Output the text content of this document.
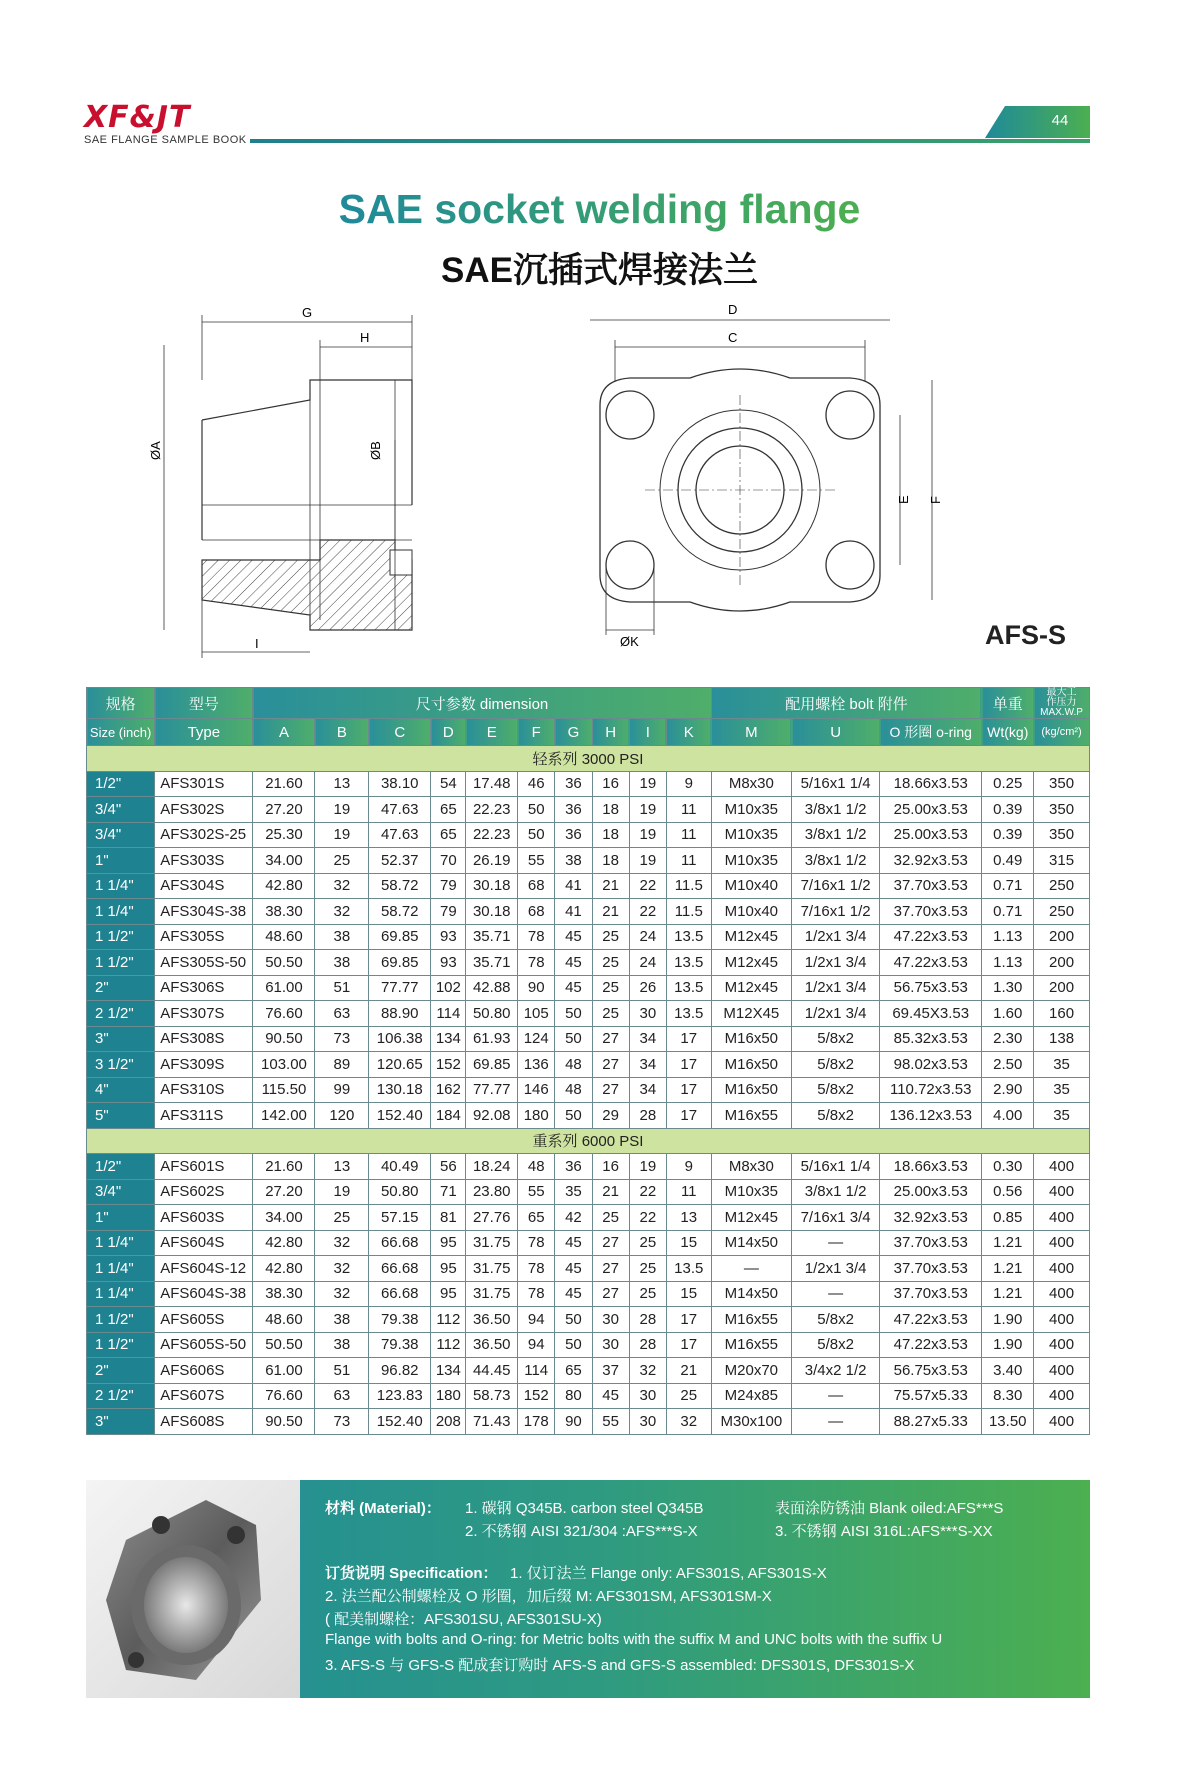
XF&JT
SAE FLANGE SAMPLE BOOK
44
SAE socket welding flange
SAE沉插式焊接法兰
G
H
ØA	ØB
I
D
C
E F
ØK	AFS-S
规格	型号	尺寸参数 dimension										配用螺栓 bolt 附件			单重	最大工
作压力
MAX.W.P

Size (inch)	Type	A	B	C	D	E	F	G	H	I	K	M	U	O 形圈 o-ring	Wt(kg)	(kg/cm²)
轻系列 3000 PSI																
1/2"	AFS301S	21.60	13	38.10	54	17.48	46	36	16	19	9	M8x30	5/16x1 1/4	18.66x3.53	0.25	350
3/4"	AFS302S	27.20	19	47.63	65	22.23	50	36	18	19	11	M10x35	3/8x1 1/2	25.00x3.53	0.39	350
3/4"	AFS302S-25	25.30	19	47.63	65	22.23	50	36	18	19	11	M10x35	3/8x1 1/2	25.00x3.53	0.39	350
1"	AFS303S	34.00	25	52.37	70	26.19	55	38	18	19	11	M10x35	3/8x1 1/2	32.92x3.53	0.49	315
1 1/4"	AFS304S	42.80	32	58.72	79	30.18	68	41	21	22	11.5	M10x40	7/16x1 1/2	37.70x3.53	0.71	250
1 1/4"	AFS304S-38	38.30	32	58.72	79	30.18	68	41	21	22	11.5	M10x40	7/16x1 1/2	37.70x3.53	0.71	250
1 1/2"	AFS305S	48.60	38	69.85	93	35.71	78	45	25	24	13.5	M12x45	1/2x1 3/4	47.22x3.53	1.13	200
1 1/2"	AFS305S-50	50.50	38	69.85	93	35.71	78	45	25	24	13.5	M12x45	1/2x1 3/4	47.22x3.53	1.13	200
2"	AFS306S	61.00	51	77.77	102	42.88	90	45	25	26	13.5	M12x45	1/2x1 3/4	56.75x3.53	1.30	200
2 1/2"	AFS307S	76.60	63	88.90	114	50.80	105	50	25	30	13.5	M12X45	1/2x1 3/4	69.45X3.53	1.60	160
3"	AFS308S	90.50	73	106.38	134	61.93	124	50	27	34	17	M16x50	5/8x2	85.32x3.53	2.30	138
3 1/2"	AFS309S	103.00	89	120.65	152	69.85	136	48	27	34	17	M16x50	5/8x2	98.02x3.53	2.50	35
4"	AFS310S	115.50	99	130.18	162	77.77	146	48	27	34	17	M16x50	5/8x2	110.72x3.53	2.90	35
5"	AFS311S	142.00	120	152.40	184	92.08	180	50	29	28	17	M16x55	5/8x2	136.12x3.53	4.00	35
重系列 6000 PSI																
1/2"	AFS601S	21.60	13	40.49	56	18.24	48	36	16	19	9	M8x30	5/16x1 1/4	18.66x3.53	0.30	400
3/4"	AFS602S	27.20	19	50.80	71	23.80	55	35	21	22	11	M10x35	3/8x1 1/2	25.00x3.53	0.56	400
1"	AFS603S	34.00	25	57.15	81	27.76	65	42	25	22	13	M12x45	7/16x1 3/4	32.92x3.53	0.85	400
1 1/4"	AFS604S	42.80	32	66.68	95	31.75	78	45	27	25	15	M14x50	—	37.70x3.53	1.21	400
1 1/4"	AFS604S-12	42.80	32	66.68	95	31.75	78	45	27	25	13.5	—	1/2x1 3/4	37.70x3.53	1.21	400
1 1/4"	AFS604S-38	38.30	32	66.68	95	31.75	78	45	27	25	15	M14x50	—	37.70x3.53	1.21	400
1 1/2"	AFS605S	48.60	38	79.38	112	36.50	94	50	30	28	17	M16x55	5/8x2	47.22x3.53	1.90	400
1 1/2"	AFS605S-50	50.50	38	79.38	112	36.50	94	50	30	28	17	M16x55	5/8x2	47.22x3.53	1.90	400
2"	AFS606S	61.00	51	96.82	134	44.45	114	65	37	32	21	M20x70	3/4x2 1/2	56.75x3.53	3.40	400
2 1/2"	AFS607S	76.60	63	123.83	180	58.73	152	80	45	30	25	M24x85	—	75.57x5.33	8.30	400
3"	AFS608S	90.50	73	152.40	208	71.43	178	90	55	30	32	M30x100	—	88.27x5.33	13.50	400
材料 (Material)： 1. 碳钢 Q345B. carbon steel Q345B
2. 不锈钢 AISI 321/304 :AFS***S-X
表面涂防锈油 Blank oiled:AFS***S
3. 不锈钢 AISI 316L:AFS***S-XX
订货说明 Specification： 1. 仅订法兰 Flange only: AFS301S, AFS301S-X
2. 法兰配公制螺栓及 O 形圈，加后缀 M: AFS301SM, AFS301SM-X
( 配美制螺栓：AFS301SU, AFS301SU-X)
Flange with bolts and O-ring: for Metric bolts with the suffix M and UNC bolts with the suffix U
3. AFS-S 与 GFS-S 配成套订购时 AFS-S and GFS-S assembled: DFS301S, DFS301S-X
